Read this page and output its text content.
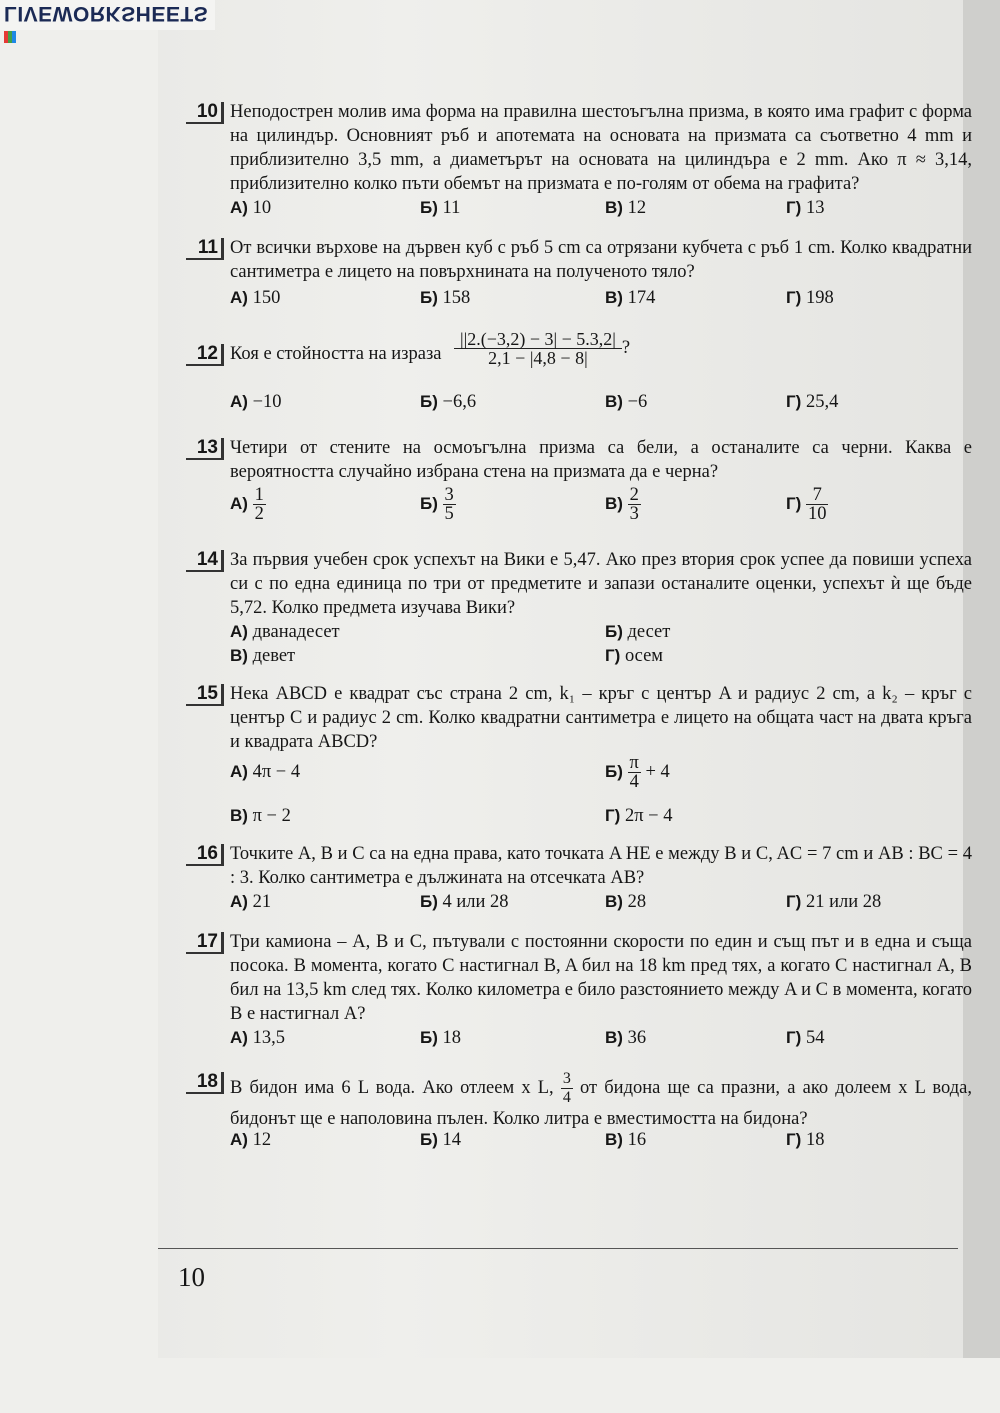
LIVEWORKSHEETS
10 Неподострен молив има форма на правилна шестоъгълна призма, в която има графит с форма на цилиндър. Основният ръб и апотемата на основата на призмата са съответно 4 mm и приблизително 3,5 mm, а диаметърът на основата на цилиндъра е 2 mm. Ако π ≈ 3,14, приблизително колко пъти обемът на призмата е по-голям от обема на графита?
А) 10	Б) 11	В) 12	Г) 13
11 От всички върхове на дървен куб с ръб 5 cm са отрязани кубчета с ръб 1 cm. Колко квадратни сантиметра е лицето на повърхнината на полученото тяло?
А) 150	Б) 158	В) 174	Г) 198
12 Коя е стойността на израза $\frac{||2.(-3,2) - 3| - 5.3,2|}{2,1 - |4,8 - 8|}$ ?
А) −10	Б) −6,6	В) −6	Г) 25,4
13 Четири от стените на осмоъгълна призма са бели, а останалите са черни. Каква е вероятността случайно избрана стена на призмата да е черна?
$А) \frac{1}{2}$	$Б) \frac{3}{5}$	$В) \frac{2}{3}$	$Г) \frac{7}{10}$
14 За първия учебен срок успехът на Вики е 5,47. Ако през втория срок успее да повиши успеха си с по една единица по три от предметите и запази останалите оценки, успехът ѝ ще бъде 5,72. Колко предмета изучава Вики?
А) дванадесет	Б) десет
В) девет	Г) осем
15 Нека ABCD е квадрат със страна 2 cm, k₁ – кръг с център A и радиус 2 cm, а k₂ – кръг с център C и радиус 2 cm. Колко квадратни сантиметра е лицето на общата част на двата кръга и квадрата ABCD?
А) 4π − 4	$Б) \frac{\pi}{4} + 4$
В) π − 2	Г) 2π − 4
16 Точките A, B и C са на една права, като точката A НЕ е между B и C, AC = 7 cm и AB : BC = 4 : 3. Колко сантиметра е дължината на отсечката AB?
А) 21	Б) 4 или 28	В) 28	Г) 21 или 28
17 Три камиона – A, B и C, пътували с постоянни скорости по един и същ път и в една и съща посока. В момента, когато C настигнал B, A бил на 18 km пред тях, а когато C настигнал A, B бил на 13,5 km след тях. Колко километра е било разстоянието между A и C в момента, когато B е настигнал A?
А) 13,5	Б) 18	В) 36	Г) 54
18 В бидон има 6 L вода. Ако отлеем x L, $\frac{3}{4}$ от бидона ще са празни, а ако долеем x L вода, бидонът ще е наполовина пълен. Колко литра е вместимостта на бидона?
А) 12	Б) 14	В) 16	Г) 18
10
